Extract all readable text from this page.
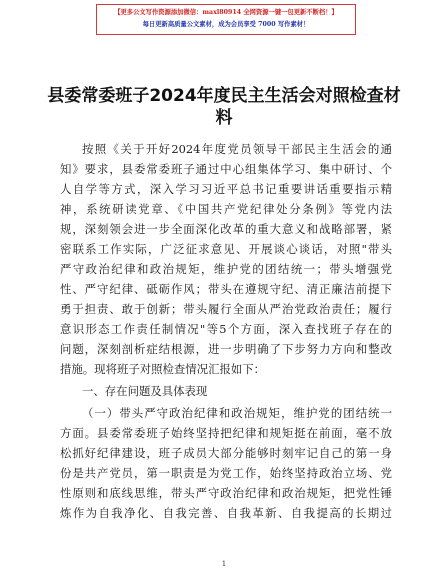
【更多公文写作资源添加微信：maxl80914 全网资源一键一包更新不断档！】
每日更新高质量公文素材，成为会员享受 7000 写作素材！
县委常委班子2024年度民主生活会对照检查材
料
按照《关于开好2024年度党员领导干部民主生活会的通
知》要求，县委常委班子通过中心组集体学习、集中研讨、个
人自学等方式，深入学习习近平总书记重要讲话重要指示精
神，系统研读党章、《中国共产党纪律处分条例》等党内法
规，深刻领会进一步全面深化改革的重大意义和战略部署，紧
密联系工作实际，广泛征求意见、开展谈心谈话，对照"带头
严守政治纪律和政治规矩，维护党的团结统一；带头增强党
性、严守纪律、砥砺作风；带头在遵规守纪、清正廉洁前提下
勇于担责、敢于创新；带头履行全面从严治党政治责任；履行
意识形态工作责任制情况"等5个方面，深入查找班子存在的
问题，深刻剖析症结根源，进一步明确了下步努力方向和整改
措施。现将班子对照检查情况汇报如下：
一、存在问题及具体表现
（一）带头严守政治纪律和政治规矩，维护党的团结统一
方面。县委常委班子始终坚持把纪律和规矩挺在前面，毫不放
松抓好纪律建设，班子成员大部分能够时刻牢记自己的第一身
份是共产党员，第一职责是为党工作，始终坚持政治立场、党
性原则和底线思维，带头严守政治纪律和政治规矩，把党性锤
炼作为自我净化、自我完善、自我革新、自我提高的长期过
1
